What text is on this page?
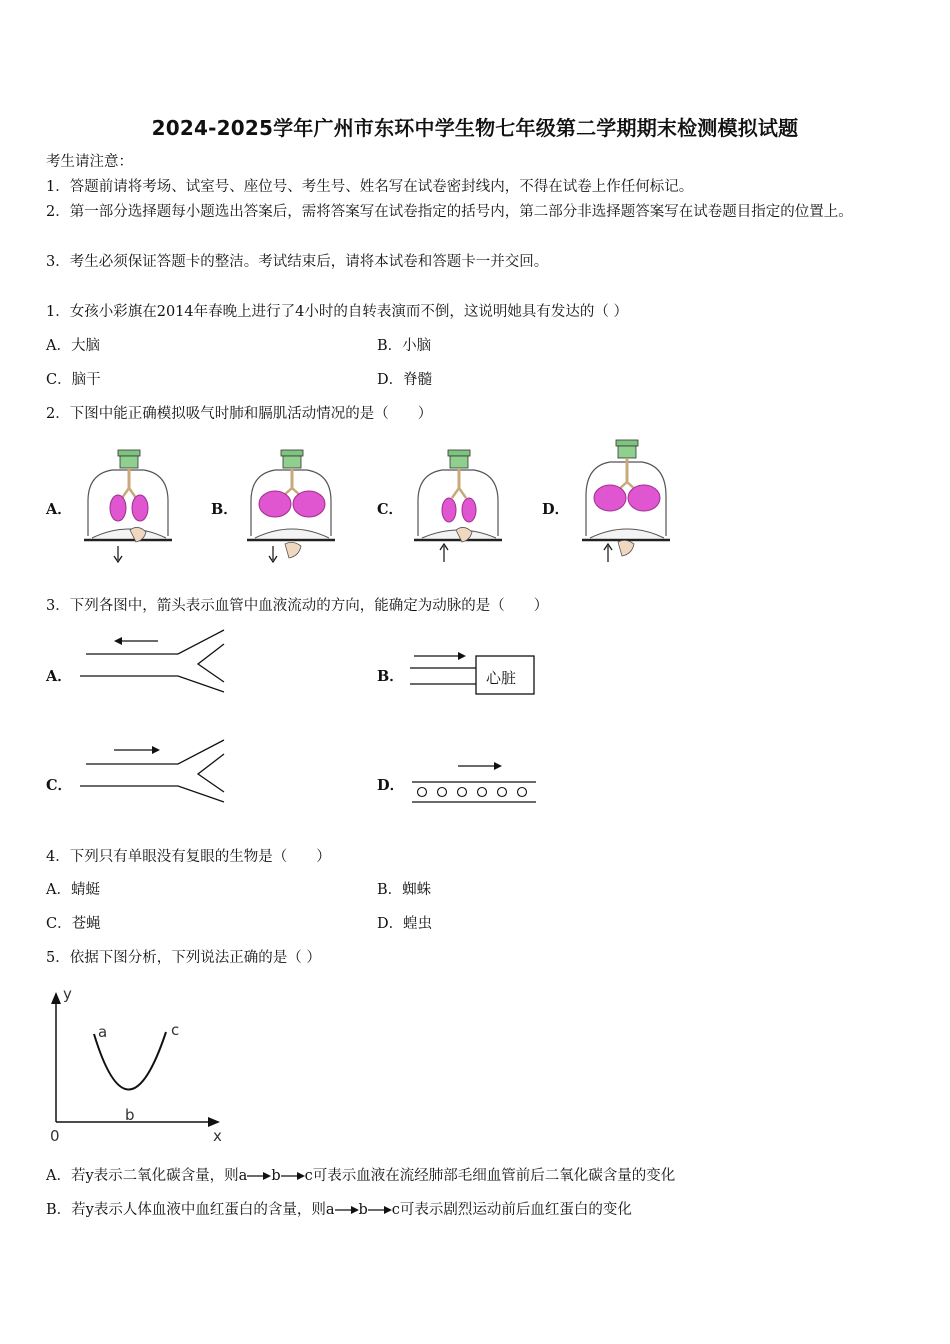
2024-2025学年广州市东环中学生物七年级第二学期期末检测模拟试题
考生请注意：
1．答题前请将考场、试室号、座位号、考生号、姓名写在试卷密封线内，不得在试卷上作任何标记。
2．第一部分选择题每小题选出答案后，需将答案写在试卷指定的括号内，第二部分非选择题答案写在试卷题目指定的位置上。
3．考生必须保证答题卡的整洁。考试结束后，请将本试卷和答题卡一并交回。
1．女孩小彩旗在2014年春晚上进行了4小时的自转表演而不倒，这说明她具有发达的（ ）
A．大脑	B．小脑
C．脑干	D．脊髓
2．下图中能正确模拟吸气时肺和膈肌活动情况的是（　　）
A．	B．	C．	D．
3．下列各图中，箭头表示血管中血液流动的方向，能确定为动脉的是（　　）
A．	B．
C．	D．
心脏
4．下列只有单眼没有复眼的生物是（　　）
A．蜻蜓	B．蜘蛛
C．苍蝇	D．蝗虫
5．依据下图分析，下列说法正确的是（ ）
y
x
0
a
b
c
A．若y表示二氧化碳含量，则a b c可表示血液在流经肺部毛细血管前后二氧化碳含量的变化
B．若y表示人体血液中血红蛋白的含量，则a b c可表示剧烈运动前后血红蛋白的变化
